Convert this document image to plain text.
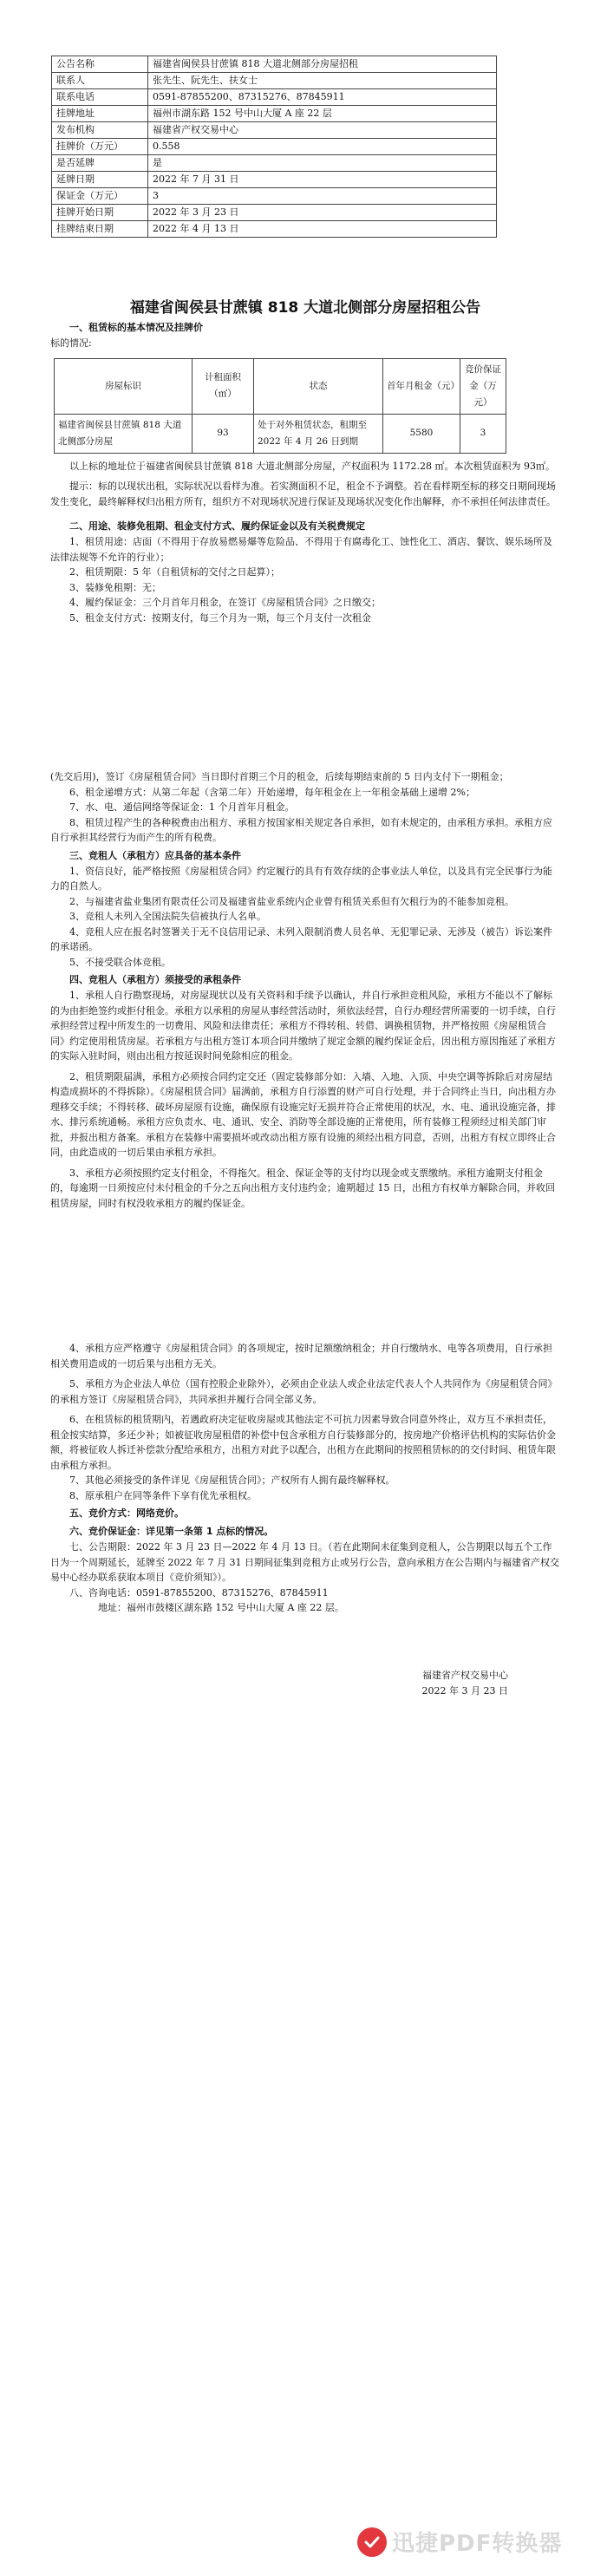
公告名称	福建省闽侯县甘蔗镇 818 大道北侧部分房屋招租
联系人	张先生、阮先生、扶女士
联系电话	0591-87855200、87315276、87845911
挂牌地址	福州市湖东路 152 号中山大厦 A 座 22 层
发布机构	福建省产权交易中心
挂牌价（万元）	0.558
是否延牌	是
延牌日期	2022 年 7 月 31 日
保证金（万元）	3
挂牌开始日期	2022 年 3 月 23 日
挂牌结束日期	2022 年 4 月 13 日
福建省闽侯县甘蔗镇 818 大道北侧部分房屋招租公告

一、租赁标的基本情况及挂牌价

标的情况:

房屋标识	计租面积（㎡）	状态	首年月租金（元）	竞价保证金（万元）
福建省闽侯县甘蔗镇 818 大道北侧部分房屋	93	处于对外租赁状态，租期至 2022 年 4 月 26 日到期	5580	3

以上标的地址位于福建省闽侯县甘蔗镇 818 大道北侧部分房屋，产权面积为 1172.28 ㎡。本次租赁面积为 93㎡。

提示：标的以现状出租，实际状况以看样为准。若实测面积不足，租金不予调整。若在看样期至标的移交日期间现场发生变化，最终解释权归出租方所有，组织方不对现场状况进行保证及现场状况变化作出解释，亦不承担任何法律责任。

二、用途、装修免租期、租金支付方式、履约保证金以及有关税费规定

1、租赁用途：店面（不得用于存放易燃易爆等危险品、不得用于有腐毒化工、蚀性化工、酒店、餐饮、娱乐场所及法律法规等不允许的行业）；

2、租赁期限：5 年（自租赁标的交付之日起算）；

3、装修免租期：无；

4、履约保证金：三个月首年月租金，在签订《房屋租赁合同》之日缴交；

5、租金支付方式：按期支付，每三个月为一期，每三个月支付一次租金

(先交后用)，签订《房屋租赁合同》当日即付首期三个月的租金，后续每期结束前的 5 日内支付下一期租金；

6、租金递增方式：从第二年起（含第二年）开始递增，每年租金在上一年租金基础上递增 2%；

7、水、电、通信网络等保证金：1 个月首年月租金。

8、租赁过程产生的各种税费由出租方、承租方按国家相关规定各自承担，如有未规定的，由承租方承担。承租方应自行承担其经营行为而产生的所有税费。

三、竞租人（承租方）应具备的基本条件

1、资信良好，能严格按照《房屋租赁合同》约定履行的具有有效存续的企事业法人单位，以及具有完全民事行为能力的自然人。

2、与福建省盐业集团有限责任公司及福建省盐业系统内企业曾有租赁关系但有欠租行为的不能参加竞租。

3、竞租人未列入全国法院失信被执行人名单。

4、竞租人应在报名时签署关于无不良信用记录、未列入限制消费人员名单、无犯罪记录、无涉及（被告）诉讼案件的承诺函。

5、不接受联合体竞租。

四、竞租人（承租方）须接受的承租条件

1、承租人自行勘察现场，对房屋现状以及有关资料和手续予以确认，并自行承担竞租风险，承租方不能以不了解标的为由拒绝签约或拒付租金。承租方以承租的房屋从事经营活动时，须依法经营，自行办理经营所需要的一切手续，自行承担经营过程中所发生的一切费用、风险和法律责任；承租方不得转租、转借、调换租赁物，并严格按照《房屋租赁合同》约定使用租赁房屋。若承租方与出租方签订本项合同并缴纳了规定金额的履约保证金后，因出租方原因拖延了承租方的实际入驻时间，则由出租方按延误时间免除相应的租金。

2、租赁期限届满，承租方必须按合同约定交还（固定装修部分如：入墙、入地、入顶、中央空调等拆除后对房屋结构造成损坏的不得拆除）。《房屋租赁合同》届满前，承租方自行添置的财产可自行处理，并于合同终止当日，向出租方办理移交手续；不得转移、破坏房屋原有设施，确保原有设施完好无损并符合正常使用的状况，水、电、通讯设施完备，排水、排污系统通畅。承租方应负责水、电、通讯、安全、消防等全部设施的正常使用，所有装修工程须经过相关部门审批，并报出租方备案。承租方在装修中需要损坏或改动出租方原有设施的须经出租方同意，否则，出租方有权立即终止合同，由此造成的一切后果由承租方承担。

3、承租方必须按照约定支付租金，不得拖欠。租金、保证金等的支付均以现金或支票缴纳。承租方逾期支付租金的，每逾期一日须按应付未付租金的千分之五向出租方支付违约金；逾期超过 15 日，出租方有权单方解除合同，并收回租赁房屋，同时有权没收承租方的履约保证金。

4、承租方应严格遵守《房屋租赁合同》的各项规定，按时足额缴纳租金；并自行缴纳水、电等各项费用，自行承担相关费用造成的一切后果与出租方无关。

5、承租方为企业法人单位（国有控股企业除外），必须由企业法人或企业法定代表人个人共同作为《房屋租赁合同》的承租方签订《房屋租赁合同》，共同承担并履行合同全部义务。

6、在租赁标的租赁期内，若遇政府决定征收房屋或其他法定不可抗力因素导致合同意外终止，双方互不承担责任，租金按实结算，多还少补；如被征收房屋租借的补偿中包含承租方自行装修部分的，按房地产价格评估机构的实际估价金额，将被征收人拆迁补偿款分配给承租方，出租方对此予以配合，出租方在此期间的按照租赁标的的交付时间、租赁年限由承租方承担。

7、其他必须接受的条件详见《房屋租赁合同》；产权所有人拥有最终解释权。

8、原承租户在同等条件下享有优先承租权。

五、竞价方式：网络竞价。

六、竞价保证金：详见第一条第 1 点标的情况。

七、公告期限：2022 年 3 月 23 日—2022 年 4 月 13 日。（若在此期间未征集到竞租人，公告期限以每五个工作日为一个周期延长，延牌至 2022 年 7 月 31 日期间征集到竞租方止或另行公告，意向承租方在公告期内与福建省产权交易中心经办联系获取本项目《竞价须知》）。

八、咨询电话：0591-87855200、87315276、87845911

地址：福州市鼓楼区湖东路 152 号中山大厦 A 座 22 层。

福建省产权交易中心

2022 年 3 月 23 日

迅捷PDF转换器
